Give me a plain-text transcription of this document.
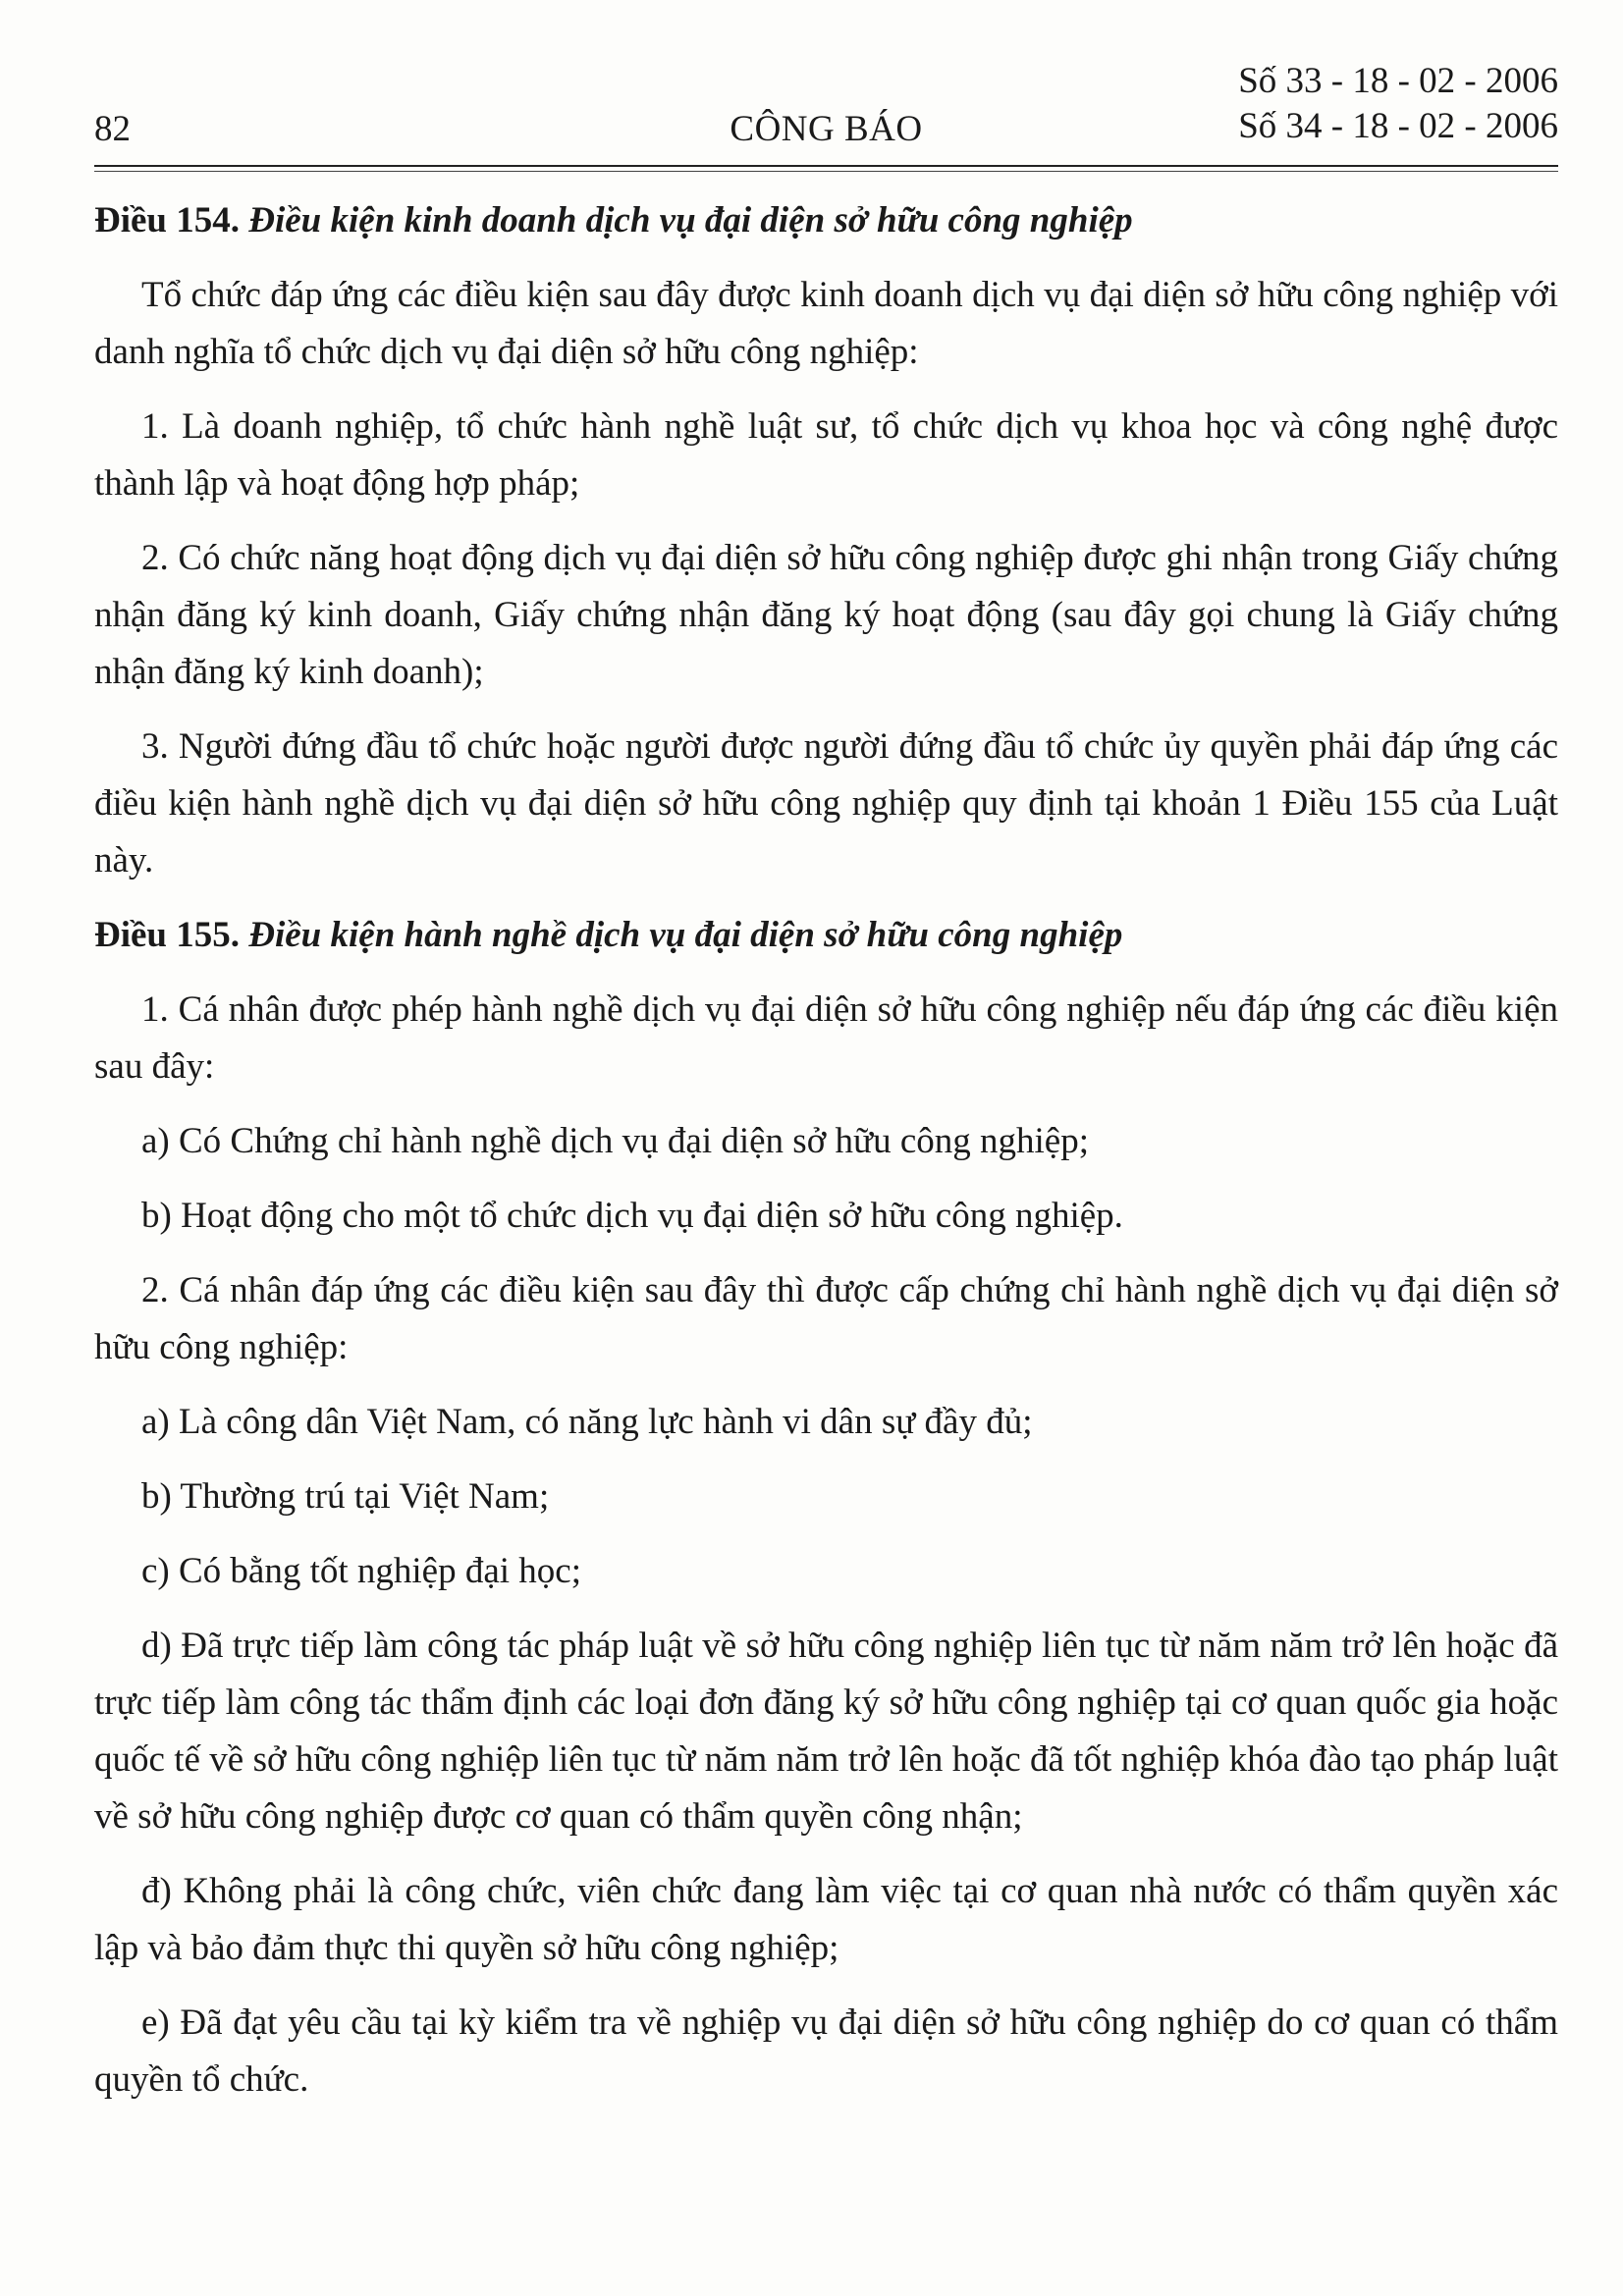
82	CÔNG BÁO
Số 33 - 18 - 02 - 2006
Số 34 - 18 - 02 - 2006
Điều 154. Điều kiện kinh doanh dịch vụ đại diện sở hữu công nghiệp

Tổ chức đáp ứng các điều kiện sau đây được kinh doanh dịch vụ đại diện sở hữu công nghiệp với danh nghĩa tổ chức dịch vụ đại diện sở hữu công nghiệp:

1. Là doanh nghiệp, tổ chức hành nghề luật sư, tổ chức dịch vụ khoa học và công nghệ được thành lập và hoạt động hợp pháp;

2. Có chức năng hoạt động dịch vụ đại diện sở hữu công nghiệp được ghi nhận trong Giấy chứng nhận đăng ký kinh doanh, Giấy chứng nhận đăng ký hoạt động (sau đây gọi chung là Giấy chứng nhận đăng ký kinh doanh);

3. Người đứng đầu tổ chức hoặc người được người đứng đầu tổ chức ủy quyền phải đáp ứng các điều kiện hành nghề dịch vụ đại diện sở hữu công nghiệp quy định tại khoản 1 Điều 155 của Luật này.

Điều 155. Điều kiện hành nghề dịch vụ đại diện sở hữu công nghiệp

1. Cá nhân được phép hành nghề dịch vụ đại diện sở hữu công nghiệp nếu đáp ứng các điều kiện sau đây:

a) Có Chứng chỉ hành nghề dịch vụ đại diện sở hữu công nghiệp;

b) Hoạt động cho một tổ chức dịch vụ đại diện sở hữu công nghiệp.

2. Cá nhân đáp ứng các điều kiện sau đây thì được cấp chứng chỉ hành nghề dịch vụ đại diện sở hữu công nghiệp:

a) Là công dân Việt Nam, có năng lực hành vi dân sự đầy đủ;

b) Thường trú tại Việt Nam;

c) Có bằng tốt nghiệp đại học;

d) Đã trực tiếp làm công tác pháp luật về sở hữu công nghiệp liên tục từ năm năm trở lên hoặc đã trực tiếp làm công tác thẩm định các loại đơn đăng ký sở hữu công nghiệp tại cơ quan quốc gia hoặc quốc tế về sở hữu công nghiệp liên tục từ năm năm trở lên hoặc đã tốt nghiệp khóa đào tạo pháp luật về sở hữu công nghiệp được cơ quan có thẩm quyền công nhận;

đ) Không phải là công chức, viên chức đang làm việc tại cơ quan nhà nước có thẩm quyền xác lập và bảo đảm thực thi quyền sở hữu công nghiệp;

e) Đã đạt yêu cầu tại kỳ kiểm tra về nghiệp vụ đại diện sở hữu công nghiệp do cơ quan có thẩm quyền tổ chức.
